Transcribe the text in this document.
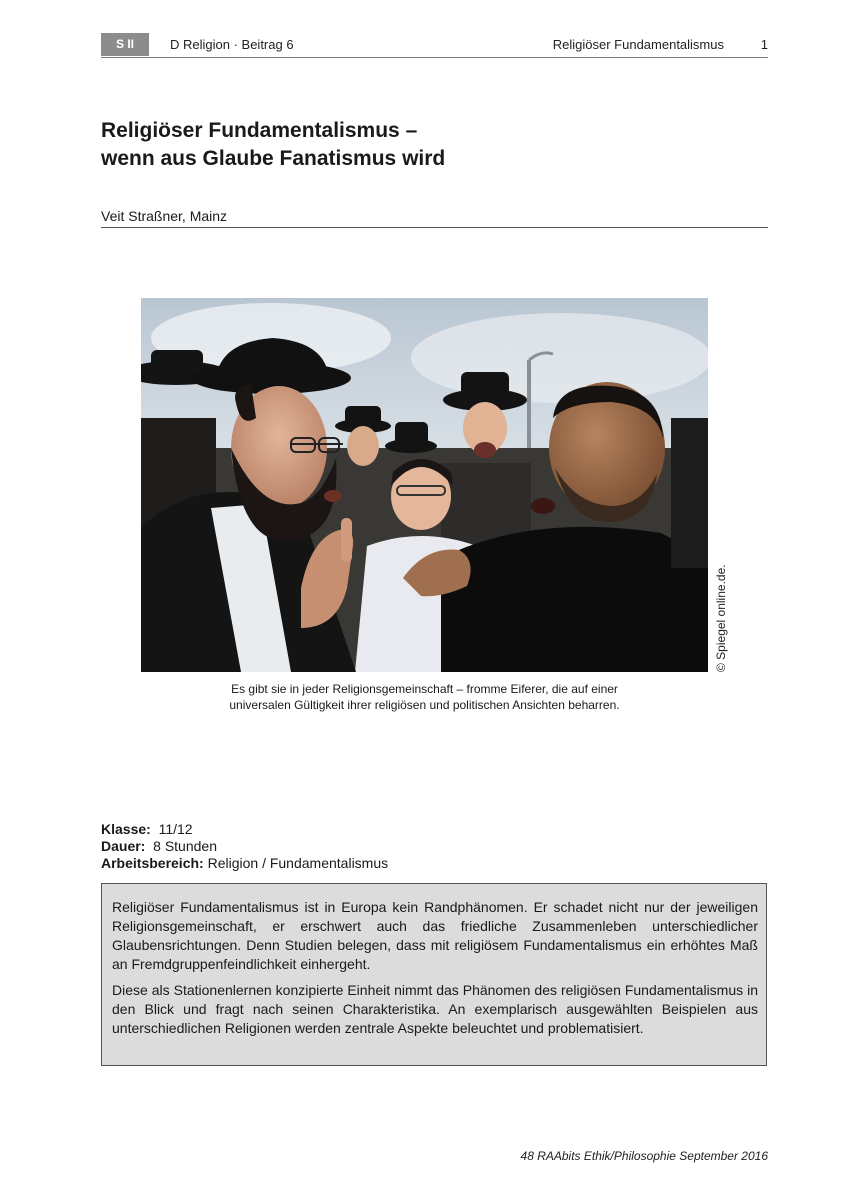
S II	D Religion · Beitrag 6	Religiöser Fundamentalismus	1
Religiöser Fundamentalismus –
wenn aus Glaube Fanatismus wird
Veit Straßner, Mainz
© Spiegel online.de.
Es gibt sie in jeder Religionsgemeinschaft – fromme Eiferer, die auf einer
universalen Gültigkeit ihrer religiösen und politischen Ansichten beharren.
Klasse: 11/12
Dauer: 8 Stunden
Arbeitsbereich: Religion / Fundamentalismus

Religiöser Fundamentalismus ist in Europa kein Randphänomen. Er schadet nicht nur der jeweiligen Religionsgemeinschaft, er erschwert auch das friedliche Zusammenleben unterschiedlicher Glaubensrichtungen. Denn Studien belegen, dass mit religiösem Fundamentalismus ein erhöhtes Maß an Fremdgruppenfeindlichkeit einhergeht.

Diese als Stationenlernen konzipierte Einheit nimmt das Phänomen des religiösen Fundamentalismus in den Blick und fragt nach seinen Charakteristika. An exemplarisch ausgewählten Beispielen aus unterschiedlichen Religionen werden zentrale Aspekte beleuchtet und problematisiert.

48 RAAbits Ethik/Philosophie September 2016
